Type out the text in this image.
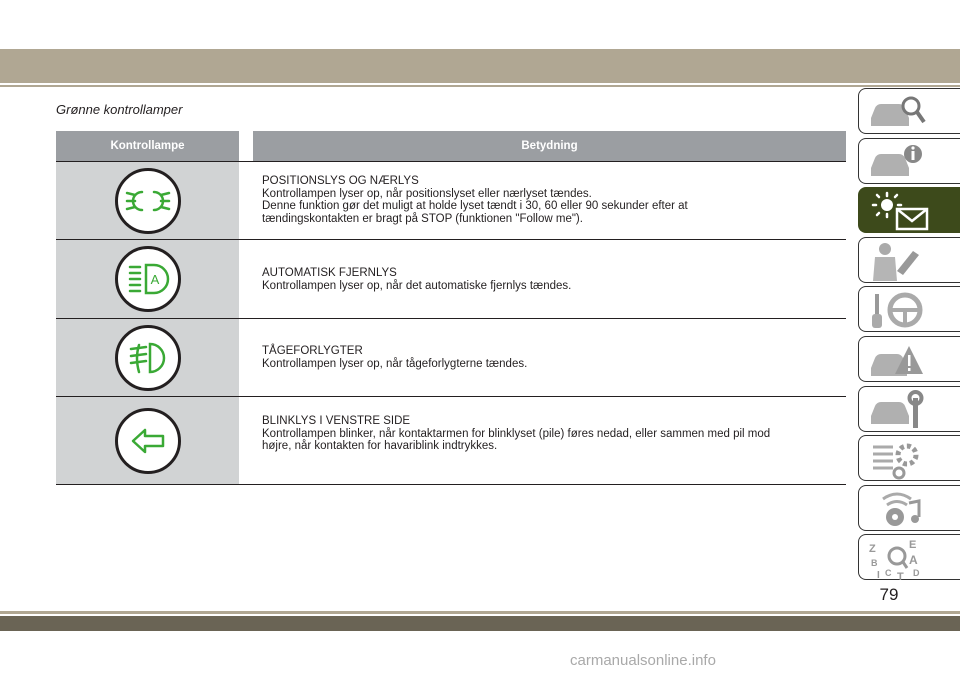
Grønne kontrollamper
Kontrollampe	Betydning
POSITIONSLYS OG NÆRLYS
Kontrollampen lyser op, når positionslyset eller nærlyset tændes.
Denne funktion gør det muligt at holde lyset tændt i 30, 60 eller 90 sekunder efter at
tændingskontakten er bragt på STOP (funktionen "Follow me").
A	AUTOMATISK FJERNLYS
Kontrollampen lyser op, når det automatiske fjernlys tændes.
TÅGEFORLYGTER
Kontrollampen lyser op, når tågeforlygterne tændes.
BLINKLYS I VENSTRE SIDE
Kontrollampen blinker, når kontaktarmen for blinklyset (pile) føres nedad, eller sammen med pil mod
højre, når kontakten for havariblink indtrykkes.
Z	E
B	A
I C T D
79
carmanualsonline.info
